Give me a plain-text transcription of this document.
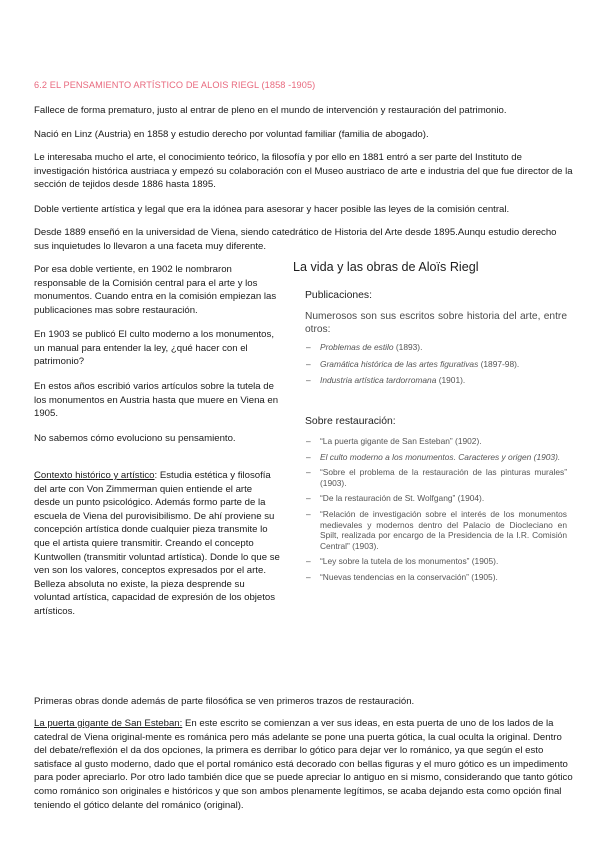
6.2 EL PENSAMIENTO ARTÍSTICO DE ALOIS RIEGL (1858 -1905)

Fallece de forma prematuro, justo al entrar de pleno en el mundo de intervención y restauración del patrimonio.

Nació en Linz (Austria) en 1858 y estudio derecho por voluntad familiar (familia de abogado).

Le interesaba mucho el arte, el conocimiento teórico, la filosofía y por ello en 1881 entró a ser parte del Instituto de investigación histórica austriaca y empezó su colaboración con el Museo austriaco de arte e industria del que fue director de la sección de tejidos desde 1886 hasta 1895.

Doble vertiente artística y legal que era la idónea para asesorar y hacer posible las leyes de la comisión central.

Desde 1889 enseñó en la universidad de Viena, siendo catedrático de Historia del Arte desde 1895.Aunqu estudio derecho sus inquietudes lo llevaron a una faceta muy diferente.

Por esa doble vertiente, en 1902 le nombraron responsable de la Comisión central para el arte y los monumentos. Cuando entra en la comisión empiezan las publicaciones mas sobre restauración.

En 1903 se publicó El culto moderno a los monumentos, un manual para entender la ley, ¿qué hacer con el patrimonio?

En estos años escribió varios artículos sobre la tutela de los monumentos en Austria hasta que muere en Viena en 1905.

No sabemos cómo evoluciono su pensamiento.

Contexto histórico y artístico: Estudia estética y filosofía del arte con Von Zimmerman quien entiende el arte desde un punto psicológico. Además formo parte de la escuela de Viena del purovisibilismo. De ahí proviene su concepción artística donde cualquier pieza transmite lo que el artista quiere transmitir. Creando el concepto Kuntwollen (transmitir voluntad artística). Donde lo que se ven son los valores, conceptos expresados por el arte. Belleza absoluta no existe, la pieza desprende su voluntad artística, capacidad de expresión de los objetos artísticos.

La vida y las obras de Aloïs Riegl
Publicaciones:
Numerosos son sus escritos sobre historia del arte, entre otros:
– Problemas de estilo (1893).
– Gramática histórica de las artes figurativas (1897-98).
– Industria artística tardorromana (1901).
Sobre restauración:
– “La puerta gigante de San Esteban” (1902).
– El culto moderno a los monumentos. Caracteres y origen (1903).
– “Sobre el problema de la restauración de las pinturas murales” (1903).
– “De la restauración de St. Wolfgang” (1904).
– “Relación de investigación sobre el interés de los monumentos medievales y modernos dentro del Palacio de Diocleciano en Spilt, realizada por encargo de la Presidencia de la I.R. Comisión Central” (1903).
– “Ley sobre la tutela de los monumentos” (1905).
– “Nuevas tendencias en la conservación” (1905).

Primeras obras donde además de parte filosófica se ven primeros trazos de restauración.

La puerta gigante de San Esteban: En este escrito se comienzan a ver sus ideas, en esta puerta de uno de los lados de la catedral de Viena original-mente es románica pero más adelante se pone una puerta gótica, la cual oculta la original. Dentro del debate/reflexión el da dos opciones, la primera es derribar lo gótico para dejar ver lo románico, ya que según el esto satisface al gusto moderno, dado que el portal románico está decorado con bellas figuras y el muro gótico es un impedimento para poder apreciarlo. Por otro lado también dice que se puede apreciar lo antiguo en si mismo, considerando que tanto gótico como románico son originales e históricos y que son ambos plenamente legítimos, se acaba dejando esta como opción final teniendo el gótico delante del románico (original).
